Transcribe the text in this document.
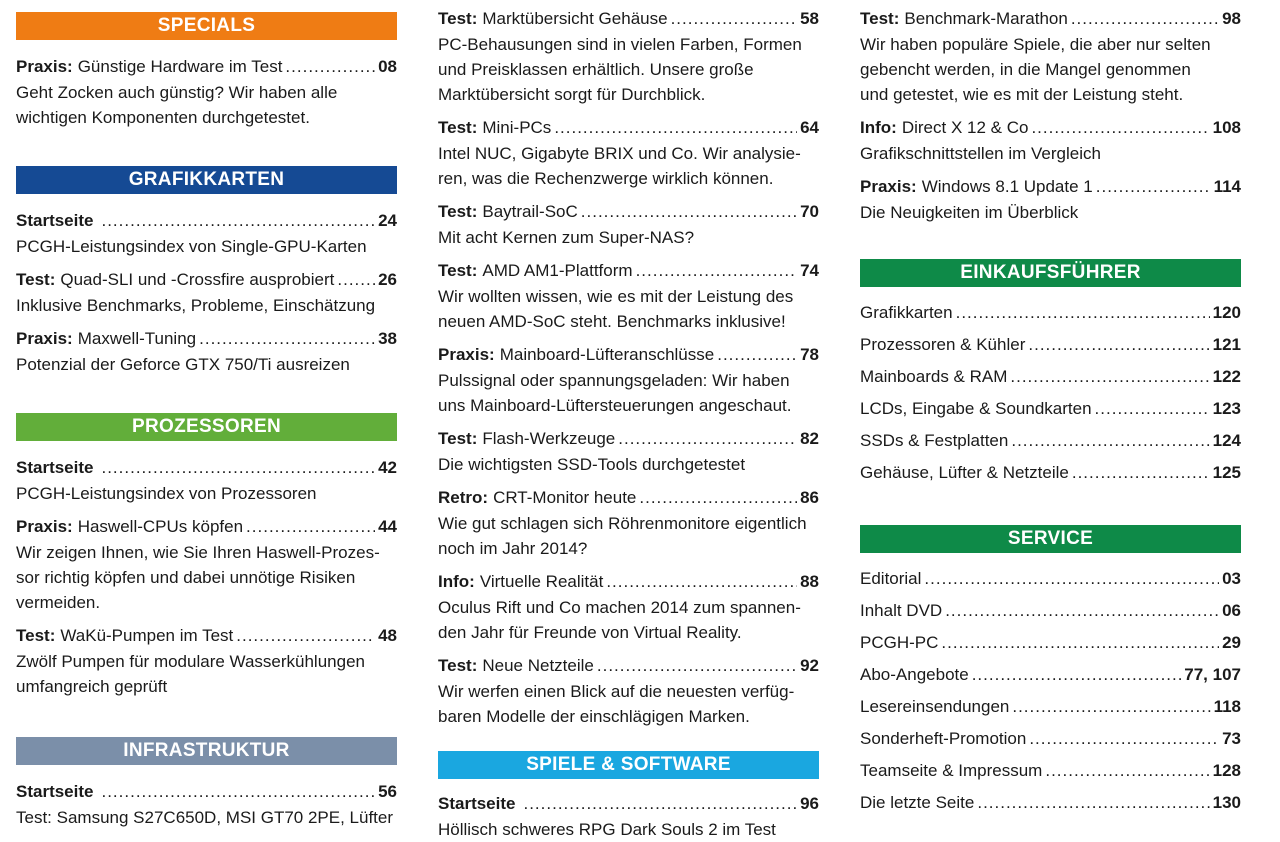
SPECIALS
Praxis: Günstige Hardware im Test .....	08
Geht Zocken auch günstig? Wir haben alle
wichtigen Komponenten durchgetestet.
GRAFIKKARTEN
Startseite .....	24
PCGH-Leistungsindex von Single-GPU-Karten
Test: Quad-SLI und -Crossfire ausprobiert .....	26
Inklusive Benchmarks, Probleme, Einschätzung
Praxis: Maxwell-Tuning .....	38
Potenzial der Geforce GTX 750/Ti ausreizen
PROZESSOREN
Startseite .....	42
PCGH-Leistungsindex von Prozessoren
Praxis: Haswell-CPUs köpfen .....	44
Wir zeigen Ihnen, wie Sie Ihren Haswell-Prozes-
sor richtig köpfen und dabei unnötige Risiken
vermeiden.
Test: WaKü-Pumpen im Test .....	48
Zwölf Pumpen für modulare Wasserkühlungen
umfangreich geprüft
INFRASTRUKTUR
Startseite .....	56
Test: Samsung S27C650D, MSI GT70 2PE, Lüfter
Test: Marktübersicht Gehäuse .....	58
PC-Behausungen sind in vielen Farben, Formen
und Preisklassen erhältlich. Unsere große
Marktübersicht sorgt für Durchblick.
Test: Mini-PCs .....	64
Intel NUC, Gigabyte BRIX und Co. Wir analysie-
ren, was die Rechenzwerge wirklich können.
Test: Baytrail-SoC .....	70
Mit acht Kernen zum Super-NAS?
Test: AMD AM1-Plattform .....	74
Wir wollten wissen, wie es mit der Leistung des
neuen AMD-SoC steht. Benchmarks inklusive!
Praxis: Mainboard-Lüfteranschlüsse .....	78
Pulssignal oder spannungsgeladen: Wir haben
uns Mainboard-Lüftersteuerungen angeschaut.
Test: Flash-Werkzeuge .....	82
Die wichtigsten SSD-Tools durchgetestet
Retro: CRT-Monitor heute .....	86
Wie gut schlagen sich Röhrenmonitore eigentlich
noch im Jahr 2014?
Info: Virtuelle Realität .....	88
Oculus Rift und Co machen 2014 zum spannen-
den Jahr für Freunde von Virtual Reality.
Test: Neue Netzteile .....	92
Wir werfen einen Blick auf die neuesten verfüg-
baren Modelle der einschlägigen Marken.
SPIELE & SOFTWARE
Startseite .....	96
Höllisch schweres RPG Dark Souls 2 im Test
Test: Benchmark-Marathon .....	98
Wir haben populäre Spiele, die aber nur selten
gebencht werden, in die Mangel genommen
und getestet, wie es mit der Leistung steht.
Info: Direct X 12 & Co .....	108
Grafikschnittstellen im Vergleich
Praxis: Windows 8.1 Update 1 .....	114
Die Neuigkeiten im Überblick
EINKAUFSFÜHRER
Grafikkarten .....	120
Prozessoren & Kühler .....	121
Mainboards & RAM .....	122
LCDs, Eingabe & Soundkarten .....	123
SSDs & Festplatten .....	124
Gehäuse, Lüfter & Netzteile .....	125
SERVICE
Editorial .....	03
Inhalt DVD .....	06
PCGH-PC .....	29
Abo-Angebote .....	77, 107
Lesereinsendungen .....	118
Sonderheft-Promotion .....	73
Teamseite & Impressum .....	128
Die letzte Seite .....	130
